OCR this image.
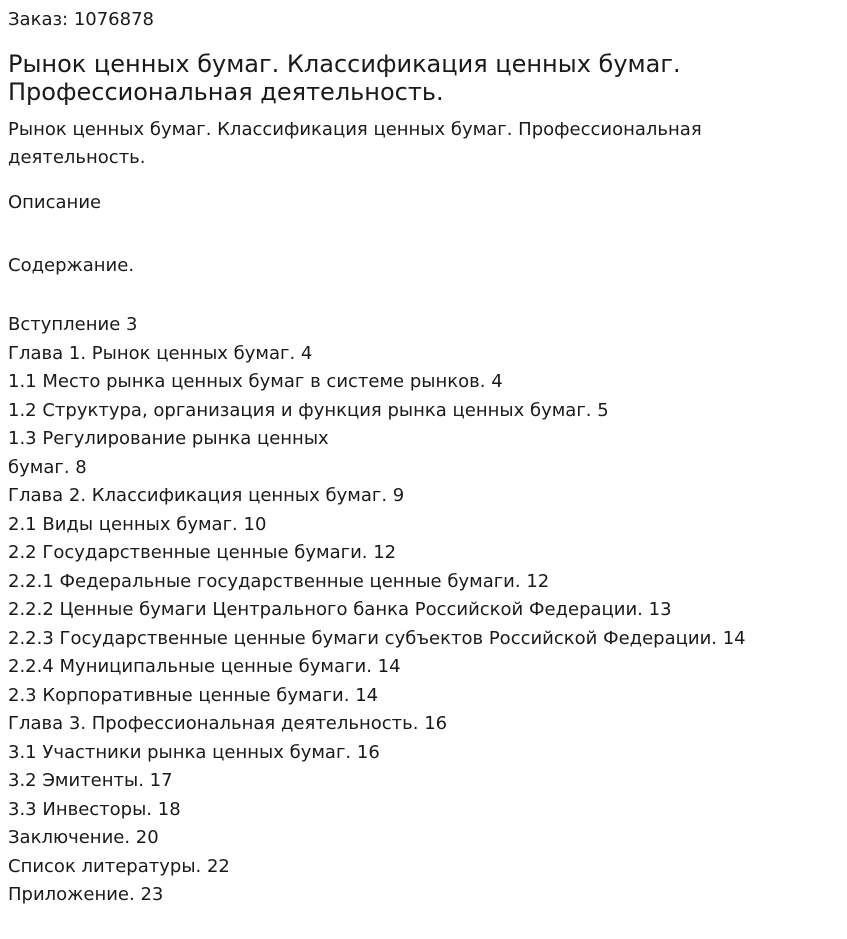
Заказ: 1076878

Рынок ценных бумаг. Классификация ценных бумаг.
Профессиональная деятельность.

Рынок ценных бумаг. Классификация ценных бумаг. Профессиональная
деятельность.

Описание

Содержание.

Вступление 3
Глава 1. Рынок ценных бумаг. 4
1.1 Место рынка ценных бумаг в системе рынков. 4
1.2 Структура, организация и функция рынка ценных бумаг. 5
1.3 Регулирование рынка ценных
бумаг. 8
Глава 2. Классификация ценных бумаг. 9
2.1 Виды ценных бумаг. 10
2.2 Государственные ценные бумаги. 12
2.2.1 Федеральные государственные ценные бумаги. 12
2.2.2 Ценные бумаги Центрального банка Российской Федерации. 13
2.2.3 Государственные ценные бумаги субъектов Российской Федерации. 14
2.2.4 Муниципальные ценные бумаги. 14
2.3 Корпоративные ценные бумаги. 14
Глава 3. Профессиональная деятельность. 16
3.1 Участники рынка ценных бумаг. 16
3.2 Эмитенты. 17
3.3 Инвесторы. 18
Заключение. 20
Список литературы. 22
Приложение. 23
